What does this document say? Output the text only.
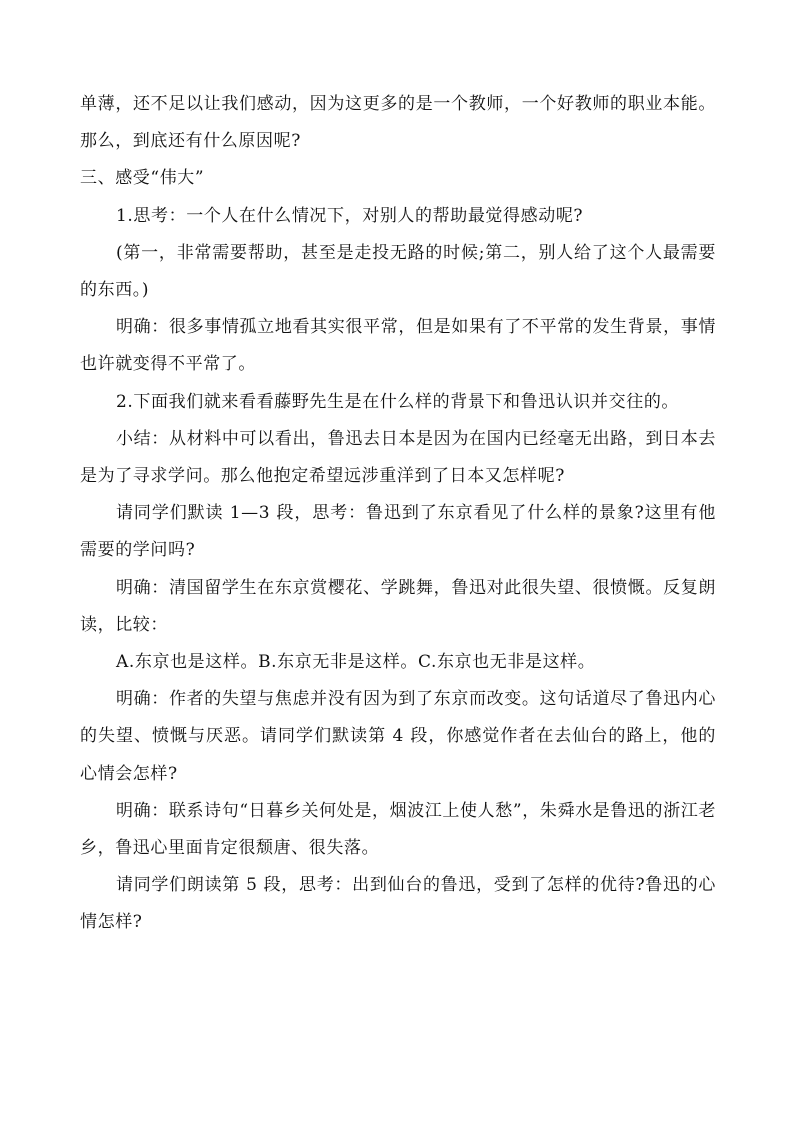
单薄，还不足以让我们感动，因为这更多的是一个教师，一个好教师的职业本能。那么，到底还有什么原因呢?

三、感受“伟大”

1.思考：一个人在什么情况下，对别人的帮助最觉得感动呢?

(第一，非常需要帮助，甚至是走投无路的时候;第二，别人给了这个人最需要的东西。)

明确：很多事情孤立地看其实很平常，但是如果有了不平常的发生背景，事情也许就变得不平常了。

2.下面我们就来看看藤野先生是在什么样的背景下和鲁迅认识并交往的。

小结：从材料中可以看出，鲁迅去日本是因为在国内已经毫无出路，到日本去是为了寻求学问。那么他抱定希望远涉重洋到了日本又怎样呢?

请同学们默读 1—3 段，思考：鲁迅到了东京看见了什么样的景象?这里有他需要的学问吗?

明确：清国留学生在东京赏樱花、学跳舞，鲁迅对此很失望、很愤慨。反复朗读，比较：

A.东京也是这样。B.东京无非是这样。C.东京也无非是这样。

明确：作者的失望与焦虑并没有因为到了东京而改变。这句话道尽了鲁迅内心的失望、愤慨与厌恶。请同学们默读第 4 段，你感觉作者在去仙台的路上，他的心情会怎样?

明确：联系诗句“日暮乡关何处是，烟波江上使人愁”，朱舜水是鲁迅的浙江老乡，鲁迅心里面肯定很颓唐、很失落。

请同学们朗读第 5 段，思考：出到仙台的鲁迅，受到了怎样的优待?鲁迅的心情怎样?
